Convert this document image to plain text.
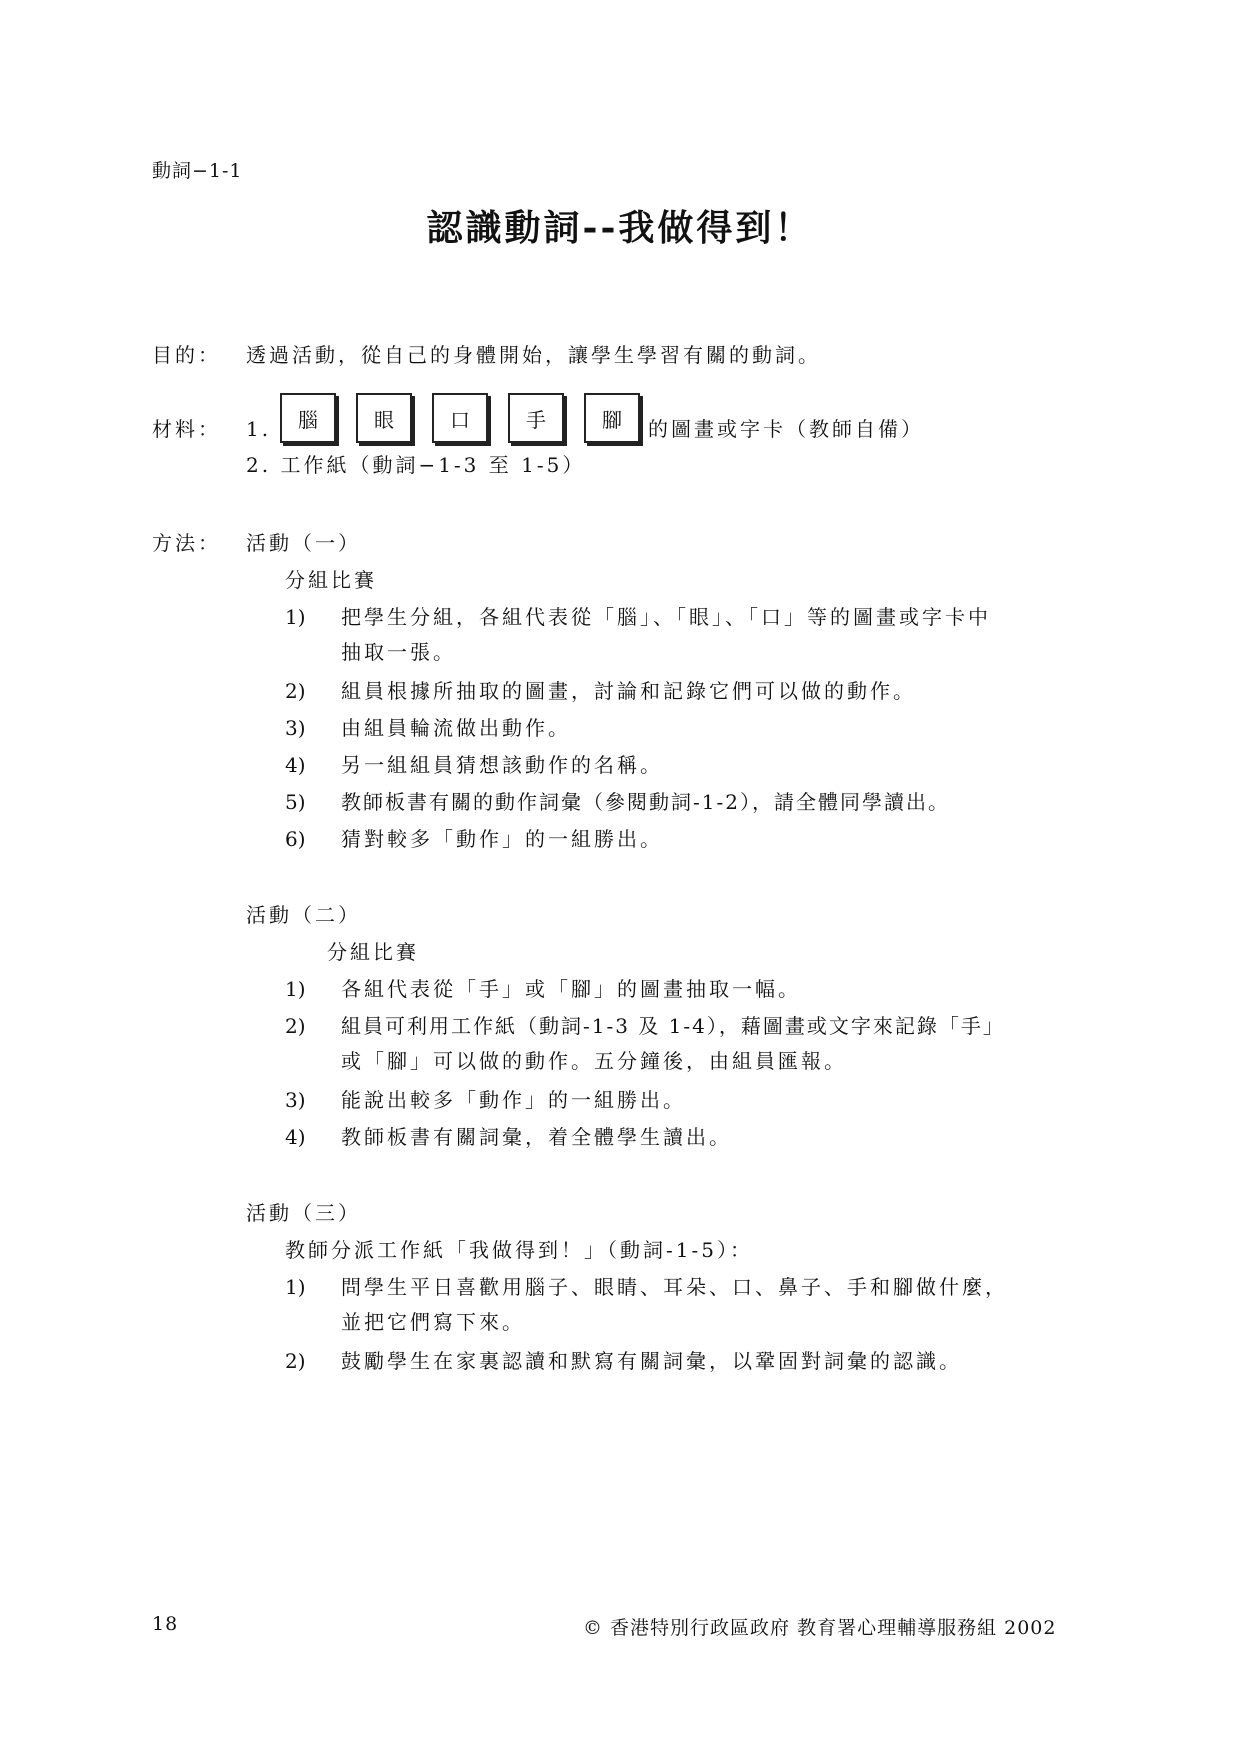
動詞−1-1
認識動詞--我做得到！
目的： 透過活動，從自己的身體開始，讓學生學習有關的動詞。
材料： 1.	腦	眼	口	手	腳	的圖畫或字卡（教師自備）
2. 工作紙（動詞−1-3 至 1-5）
方法： 活動（一）
分組比賽
1) 把學生分組，各組代表從「腦」、「眼」、「口」等的圖畫或字卡中
抽取一張。
2) 組員根據所抽取的圖畫，討論和記錄它們可以做的動作。
3) 由組員輪流做出動作。
4) 另一組組員猜想該動作的名稱。
5) 教師板書有關的動作詞彙（參閱動詞-1-2），請全體同學讀出。
6) 猜對較多「動作」的一組勝出。
活動（二）
分組比賽
1) 各組代表從「手」或「腳」的圖畫抽取一幅。
2) 組員可利用工作紙（動詞-1-3 及 1-4），藉圖畫或文字來記錄「手」
或「腳」可以做的動作。五分鐘後，由組員匯報。
3) 能說出較多「動作」的一組勝出。
4) 教師板書有關詞彙，着全體學生讀出。
活動（三）
教師分派工作紙「我做得到！」（動詞-1-5）：
1) 問學生平日喜歡用腦子、眼睛、耳朵、口、鼻子、手和腳做什麼，
並把它們寫下來。
2) 鼓勵學生在家裏認讀和默寫有關詞彙，以鞏固對詞彙的認識。
18	© 香港特別行政區政府 教育署心理輔導服務組 2002
